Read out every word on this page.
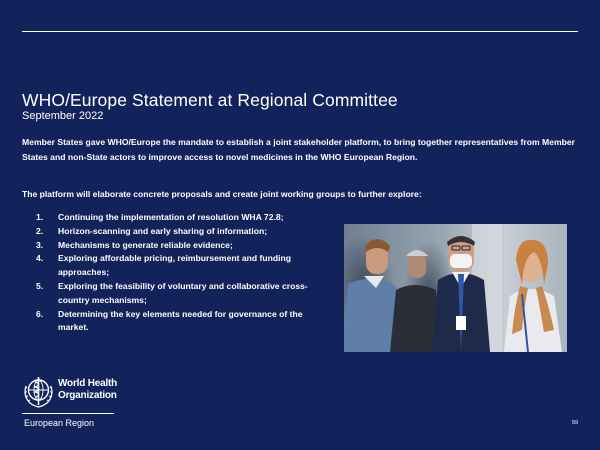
WHO/Europe Statement at Regional Committee

September 2022

Member States gave WHO/Europe the mandate to establish a joint stakeholder platform, to bring together representatives from Member States and non-State actors to improve access to novel medicines in the WHO European Region.

The platform will elaborate concrete proposals and create joint working groups to further explore:

1. Continuing the implementation of resolution WHA 72.8;
2. Horizon-scanning and early sharing of information;
3. Mechanisms to generate reliable evidence;
4. Exploring affordable pricing, reimbursement and funding approaches;
5. Exploring the feasibility of voluntary and collaborative cross-country mechanisms;
6. Determining the key elements needed for governance of the market.
World Health
Organization
European Region	59
